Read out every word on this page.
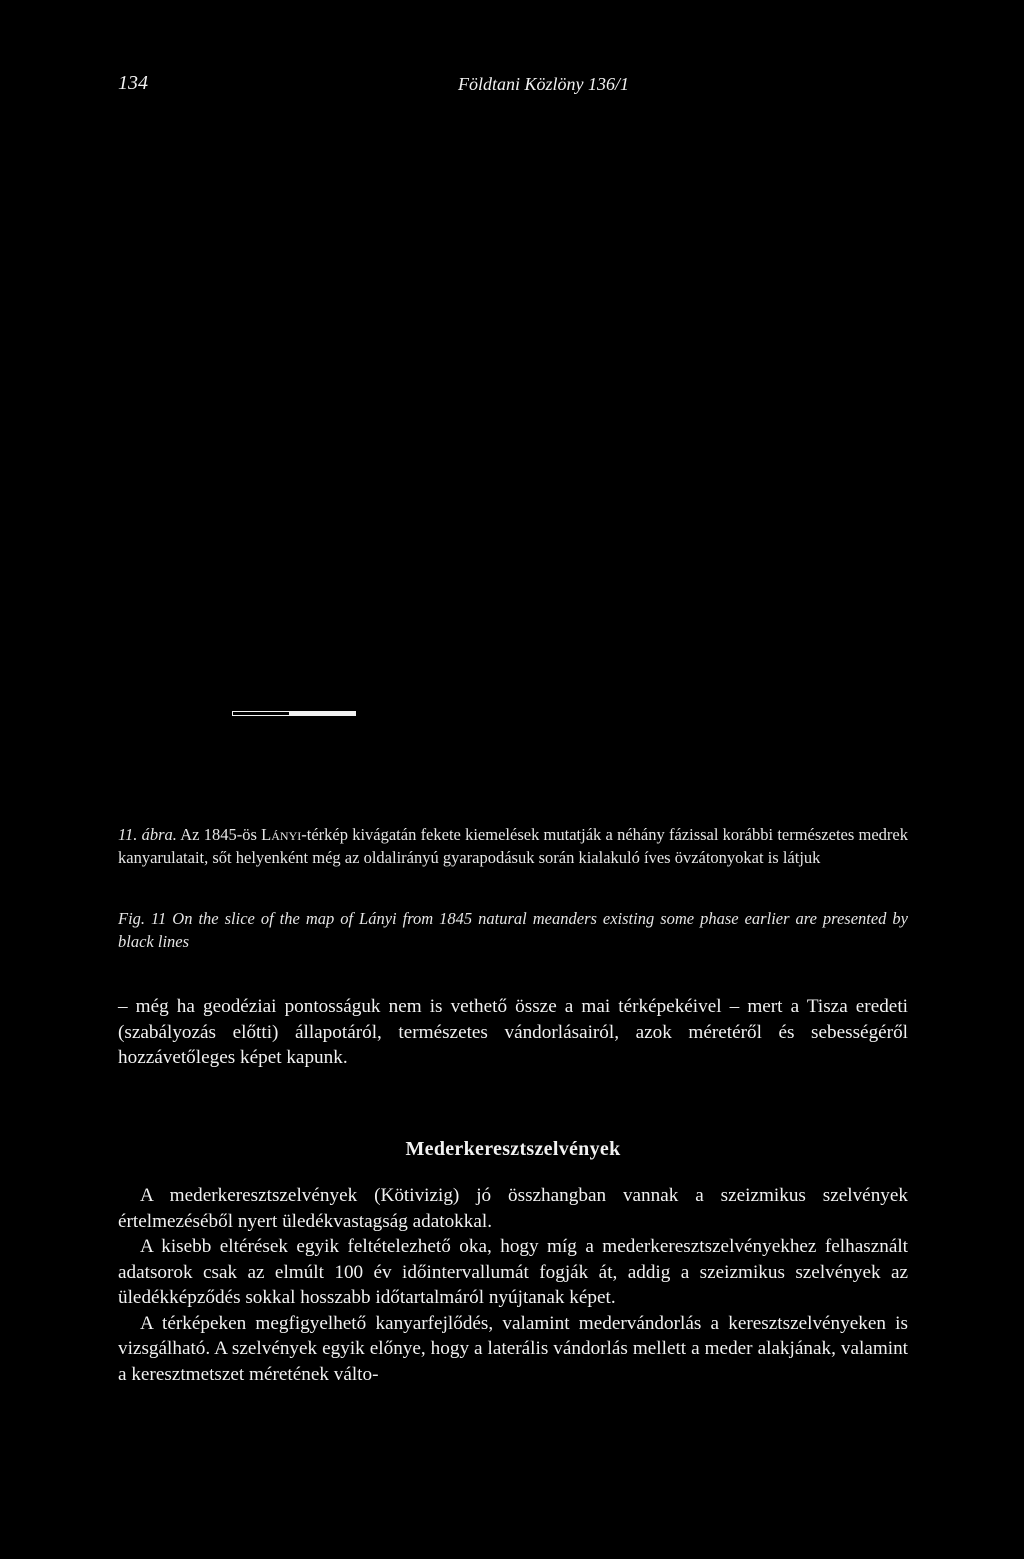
134	Földtani Közlöny 136/1
11. ábra. Az 1845-ös Lányi-térkép kivágatán fekete kiemelések mutatják a néhány fázissal korábbi természetes medrek kanyarulatait, sőt helyenként még az oldalirányú gyarapodásuk során kialakuló íves övzátonyokat is látjuk
Fig. 11 On the slice of the map of Lányi from 1845 natural meanders existing some phase earlier are presented by black lines
– még ha geodéziai pontosságuk nem is vethető össze a mai térképekéivel – mert a Tisza eredeti (szabályozás előtti) állapotáról, természetes vándorlásairól, azok méretéről és sebességéről hozzávetőleges képet kapunk.
Mederkeresztszelvények

A mederkeresztszelvények (Kötivizig) jó összhangban vannak a szeizmikus szelvények értelmezéséből nyert üledékvastagság adatokkal.

A kisebb eltérések egyik feltételezhető oka, hogy míg a mederkeresztszelvényekhez felhasznált adatsorok csak az elmúlt 100 év időintervallumát fogják át, addig a szeizmikus szelvények az üledékképződés sokkal hosszabb időtartalmáról nyújtanak képet.

A térképeken megfigyelhető kanyarfejlődés, valamint medervándorlás a keresztszelvényeken is vizsgálható. A szelvények egyik előnye, hogy a laterális vándorlás mellett a meder alakjának, valamint a keresztmetszet méretének válto-
